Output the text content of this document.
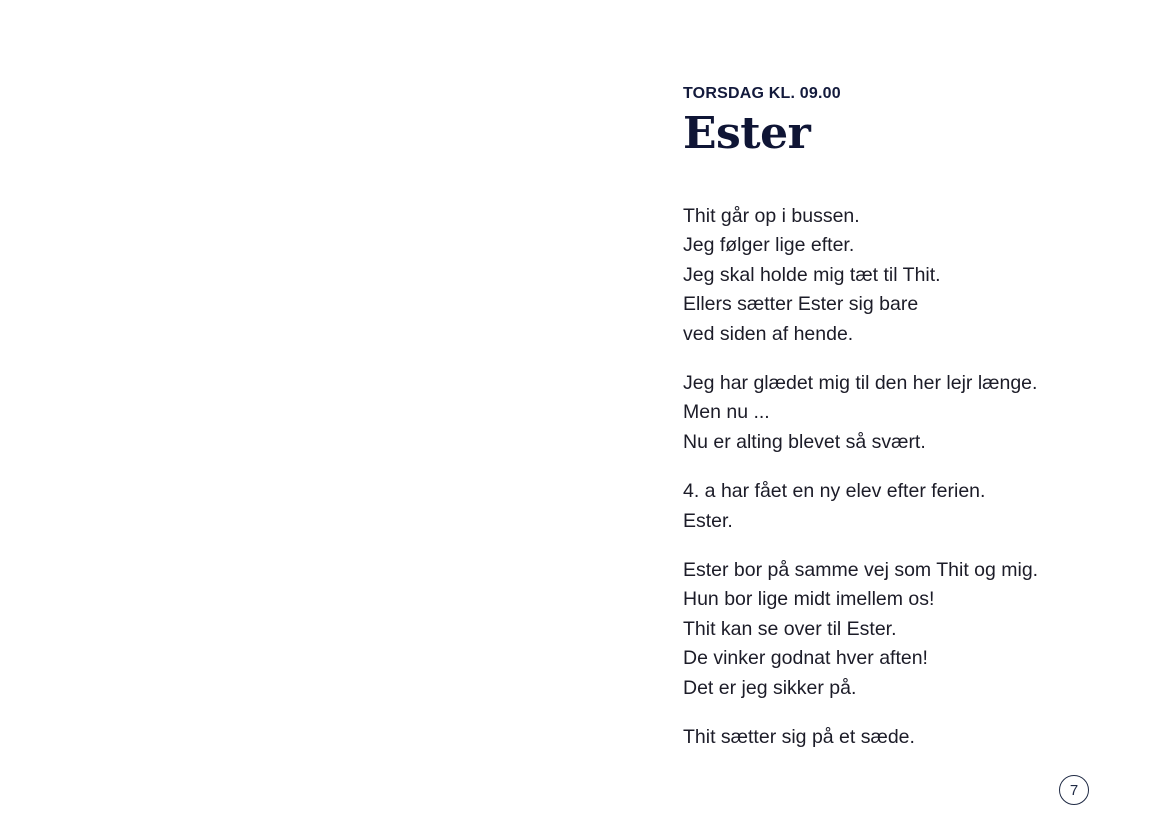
TORSDAG KL. 09.00

Ester

Thit går op i bussen.
Jeg følger lige efter.
Jeg skal holde mig tæt til Thit.
Ellers sætter Ester sig bare
ved siden af hende.

Jeg har glædet mig til den her lejr længe.
Men nu ...
Nu er alting blevet så svært.

4. a har fået en ny elev efter ferien.
Ester.

Ester bor på samme vej som Thit og mig.
Hun bor lige midt imellem os!
Thit kan se over til Ester.
De vinker godnat hver aften!
Det er jeg sikker på.

Thit sætter sig på et sæde.

7
